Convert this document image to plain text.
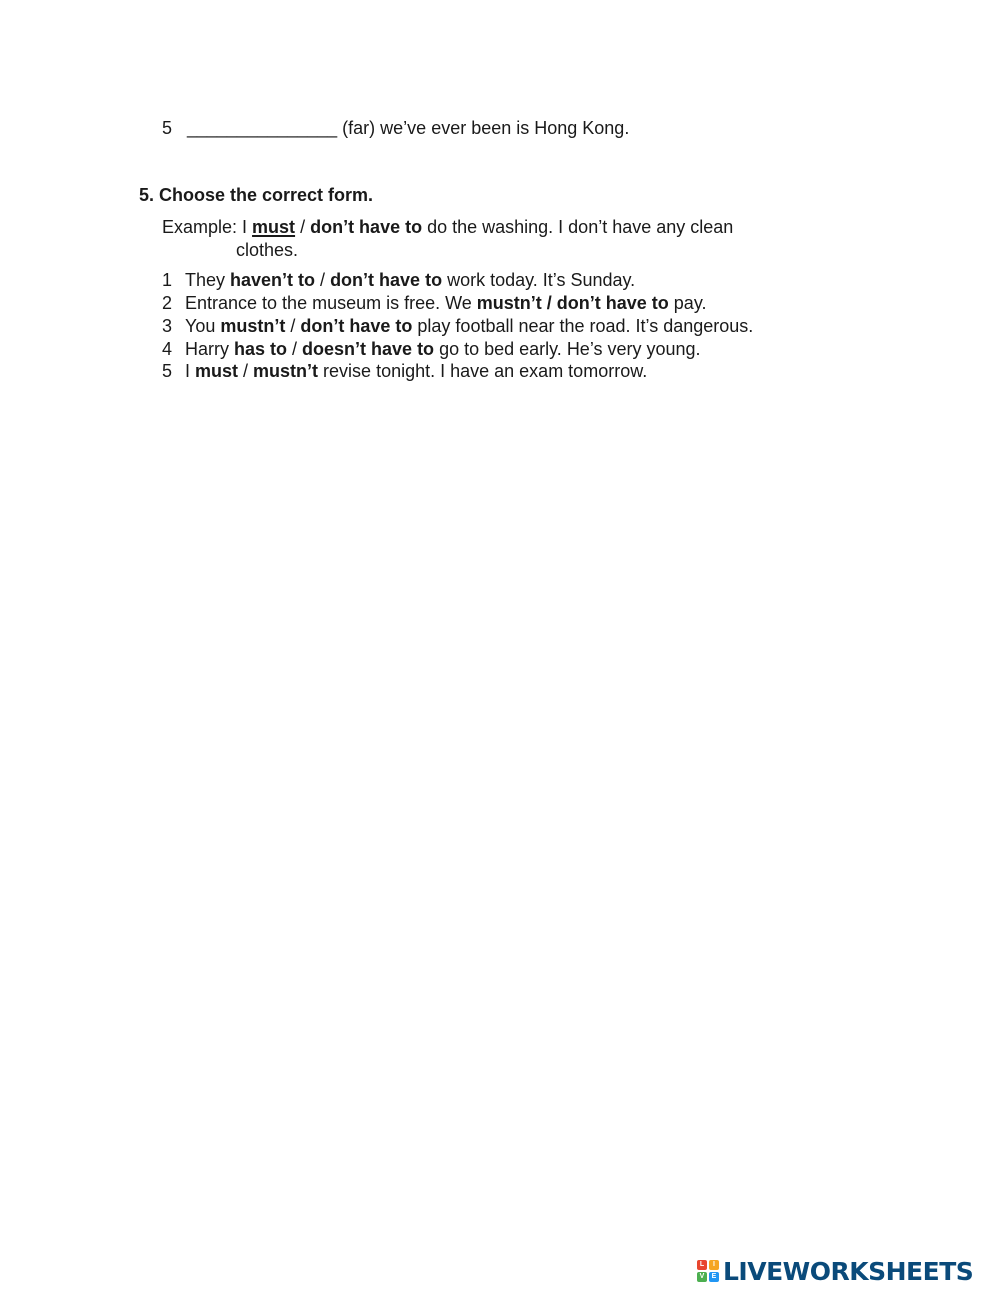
5 _______________ (far) we’ve ever been is Hong Kong.
5. Choose the correct form.
Example: I must / don’t have to do the washing. I don’t have any clean
clothes.
1 They haven’t to / don’t have to work today. It’s Sunday.
2 Entrance to the museum is free. We mustn’t / don’t have to pay.
3 You mustn’t / don’t have to play football near the road. It’s dangerous.
4 Harry has to / doesn’t have to go to bed early. He’s very young.
5 I must / mustn’t revise tonight. I have an exam tomorrow.
L	I
V	E LIVEWORKSHEETS
